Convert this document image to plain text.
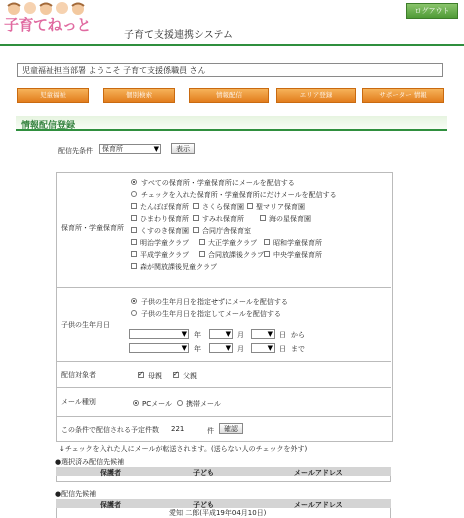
子育てねっと
子育て支援連携システム
ログアウト
児童福祉担当部署 ようこそ 子育て支援係職員 さん
児童福祉	個別検索	情報配信	エリア登録	サポーター 情報
情報配信登録
配信先条件 保育所	▼	表示
保育所・学童保育所
すべての保育所・学童保育所にメールを配信する
チェックを入れた保育所・学童保育所にだけメールを配信する
たんぽぽ保育所 さくら保育園 聖マリア保育園
ひまわり保育所 すみれ保育所	海の星保育園
くすのき保育園 合同庁舎保育室
明治学童クラブ	大正学童クラブ 昭和学童保育所
平成学童クラブ	合同放課後クラブ 中央学童保育所
森が関放課後児童クラブ
子供の生年月日
子供の生年月日を指定せずにメールを配信する
子供の生年月日を指定してメールを配信する
▼ 年	▼ 月	▼ 日 から
▼ 年	▼ 月	▼ 日 まで
配信対象者 ✓	母親 ✓	父親
メール種別	PCメール 携帯メール
この条件で配信される予定件数 221	件	確認
↓チェックを入れた人にメールが転送されます。(送らない人のチェックを外す)
●選択済み配信先候補
保護者	子ども	メールアドレス
●配信先候補
保護者	子ども	メールアドレス
愛知 二郎(平成19年04月10日)
